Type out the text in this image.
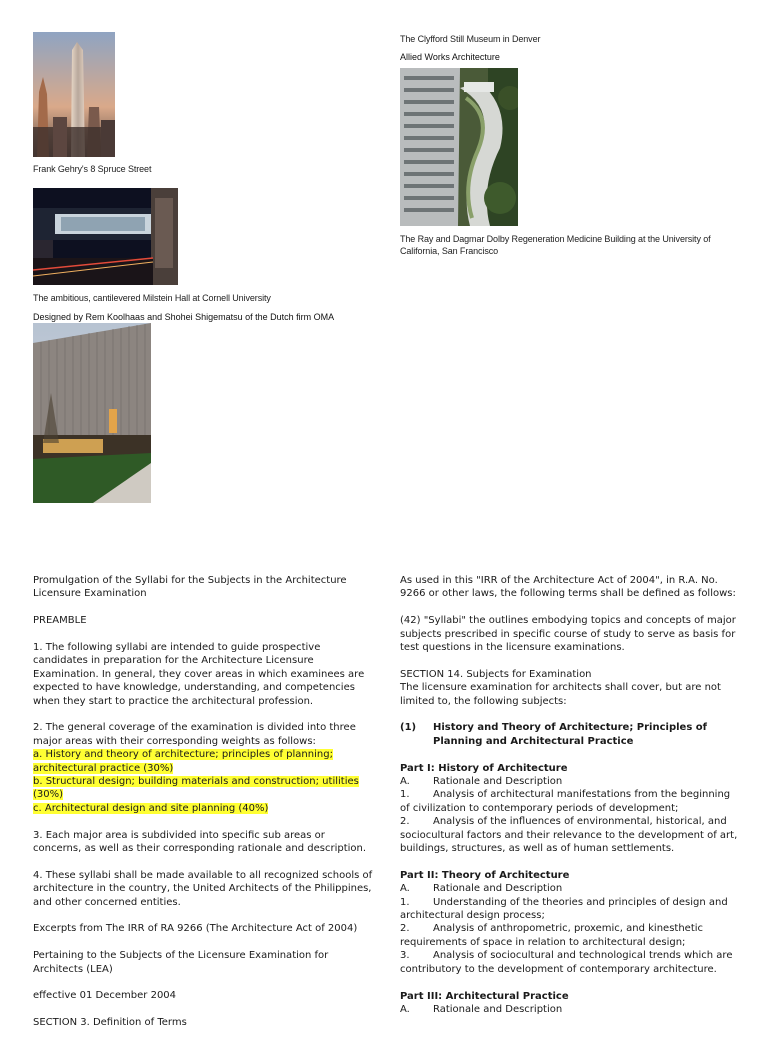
Frank Gehry's 8 Spruce Street
The ambitious, cantilevered Milstein Hall at Cornell University
Designed by Rem Koolhaas and Shohei Shigematsu of the Dutch firm OMA
The Clyfford Still Museum in Denver
Allied Works Architecture
The Ray and Dagmar Dolby Regeneration Medicine Building at the University of California, San Francisco

Promulgation of the Syllabi for the Subjects in the Architecture Licensure Examination

PREAMBLE

1. The following syllabi are intended to guide prospective candidates in preparation for the Architecture Licensure Examination. In general, they cover areas in which examinees are expected to have knowledge, understanding, and competencies when they start to practice the architectural profession.

2. The general coverage of the examination is divided into three major areas with their corresponding weights as follows:
a. History and theory of architecture; principles of planning; architectural practice (30%)
b. Structural design; building materials and construction; utilities (30%)
c. Architectural design and site planning (40%)

3. Each major area is subdivided into specific sub areas or concerns, as well as their corresponding rationale and description.

4. These syllabi shall be made available to all recognized schools of architecture in the country, the United Architects of the Philippines, and other concerned entities.

Excerpts from The IRR of RA 9266 (The Architecture Act of 2004)

Pertaining to the Subjects of the Licensure Examination for Architects (LEA)

effective 01 December 2004

SECTION 3. Definition of Terms

As used in this "IRR of the Architecture Act of 2004", in R.A. No. 9266 or other laws, the following terms shall be defined as follows:

(42) "Syllabi" the outlines embodying topics and concepts of major subjects prescribed in specific course of study to serve as basis for test questions in the licensure examinations.

SECTION 14. Subjects for Examination
The licensure examination for architects shall cover, but are not limited to, the following subjects:

(1)	History and Theory of Architecture; Principles of Planning and Architectural Practice
Part I: History of Architecture
A.	Rationale and Description
1. Analysis of architectural manifestations from the beginning of civilization to contemporary periods of development;
2. Analysis of the influences of environmental, historical, and sociocultural factors and their relevance to the development of art, buildings, structures, as well as of human settlements.
Part II: Theory of Architecture
A.	Rationale and Description
1. Understanding of the theories and principles of design and architectural design process;
2. Analysis of anthropometric, proxemic, and kinesthetic requirements of space in relation to architectural design;
3. Analysis of sociocultural and technological trends which are contributory to the development of contemporary architecture.
Part III: Architectural Practice
A.	Rationale and Description
